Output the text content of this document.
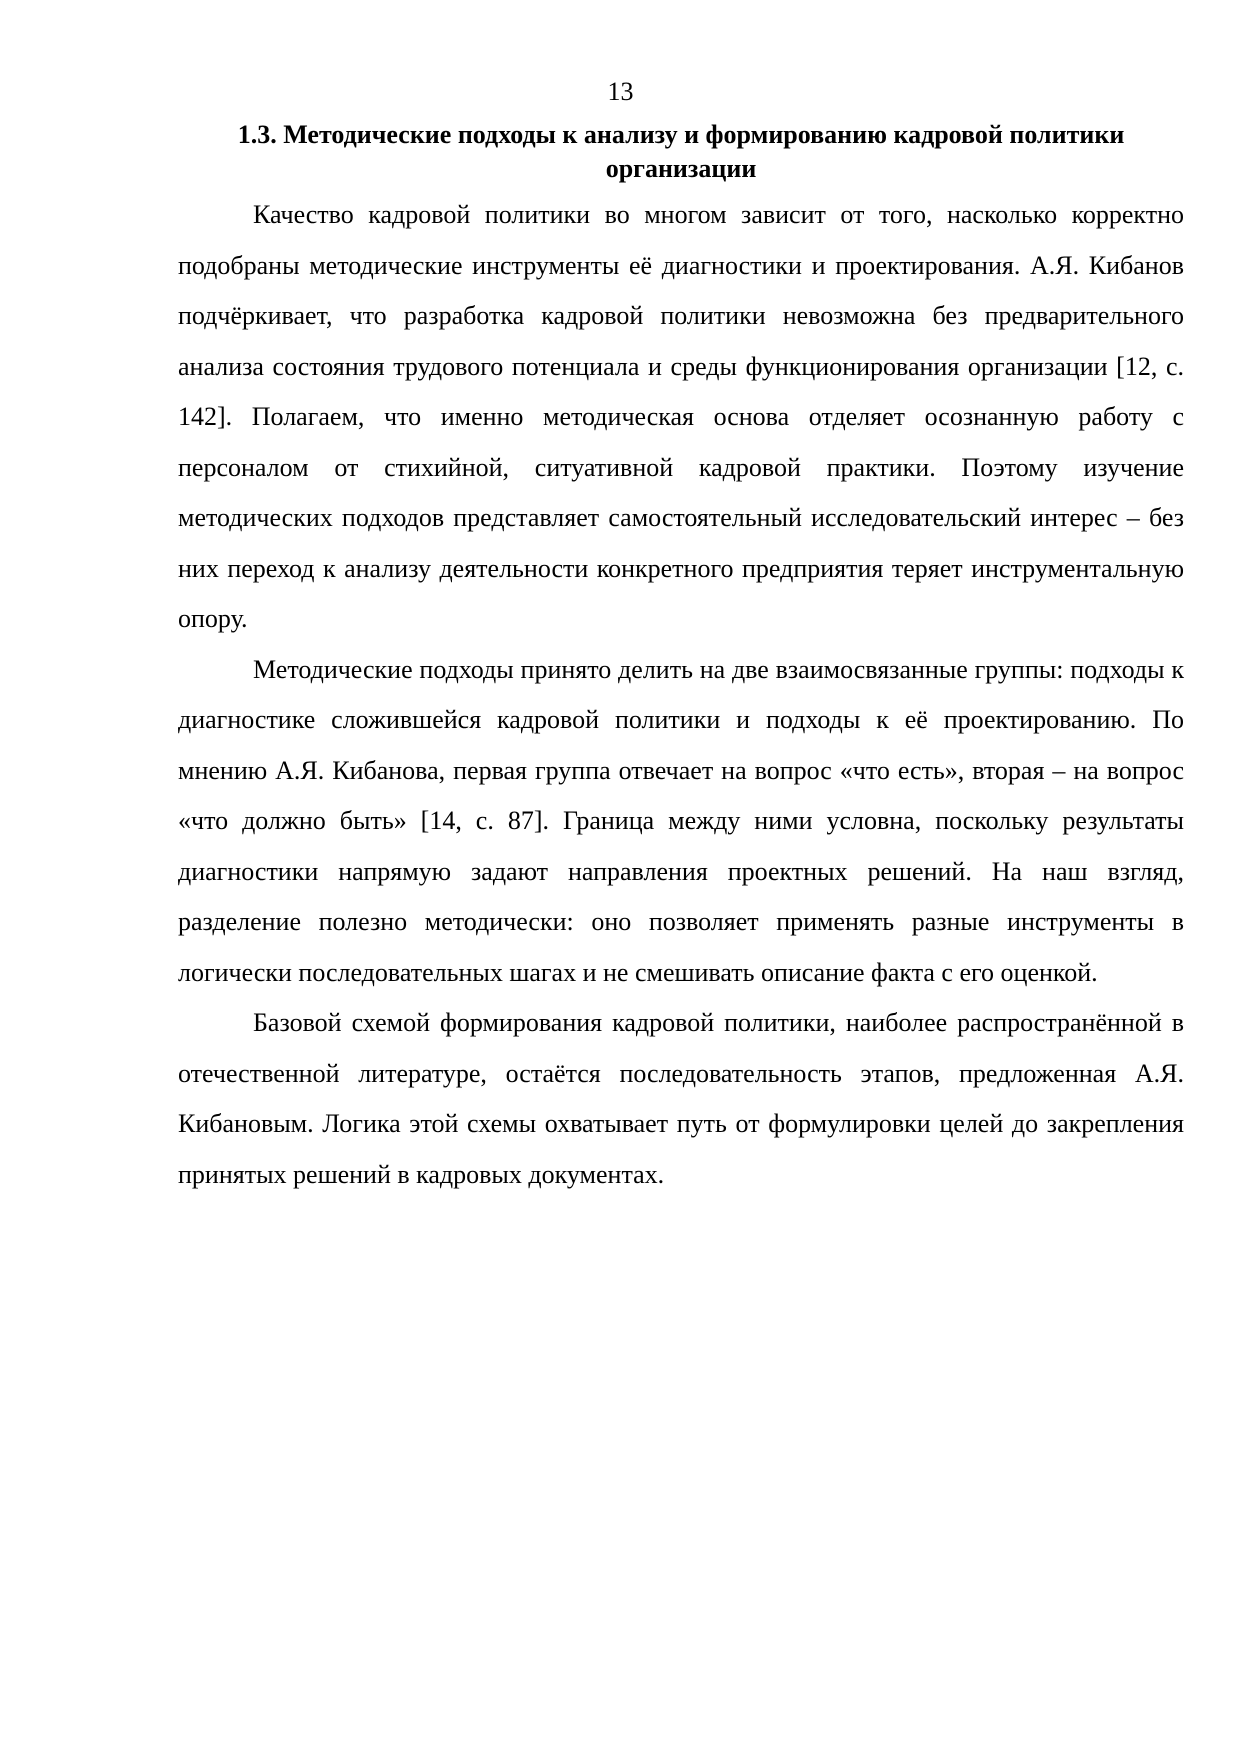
13
1.3. Методические подходы к анализу и формированию кадровой политики организации

Качество кадровой политики во многом зависит от того, насколько корректно подобраны методические инструменты её диагностики и проектирования. А.Я. Кибанов подчёркивает, что разработка кадровой политики невозможна без предварительного анализа состояния трудового потенциала и среды функционирования организации [12, с. 142]. Полагаем, что именно методическая основа отделяет осознанную работу с персоналом от стихийной, ситуативной кадровой практики. Поэтому изучение методических подходов представляет самостоятельный исследовательский интерес – без них переход к анализу деятельности конкретного предприятия теряет инструментальную опору.

Методические подходы принято делить на две взаимосвязанные группы: подходы к диагностике сложившейся кадровой политики и подходы к её проектированию. По мнению А.Я. Кибанова, первая группа отвечает на вопрос «что есть», вторая – на вопрос «что должно быть» [14, с. 87]. Граница между ними условна, поскольку результаты диагностики напрямую задают направления проектных решений. На наш взгляд, разделение полезно методически: оно позволяет применять разные инструменты в логически последовательных шагах и не смешивать описание факта с его оценкой.

Базовой схемой формирования кадровой политики, наиболее распространённой в отечественной литературе, остаётся последовательность этапов, предложенная А.Я. Кибановым. Логика этой схемы охватывает путь от формулировки целей до закрепления принятых решений в кадровых документах.
